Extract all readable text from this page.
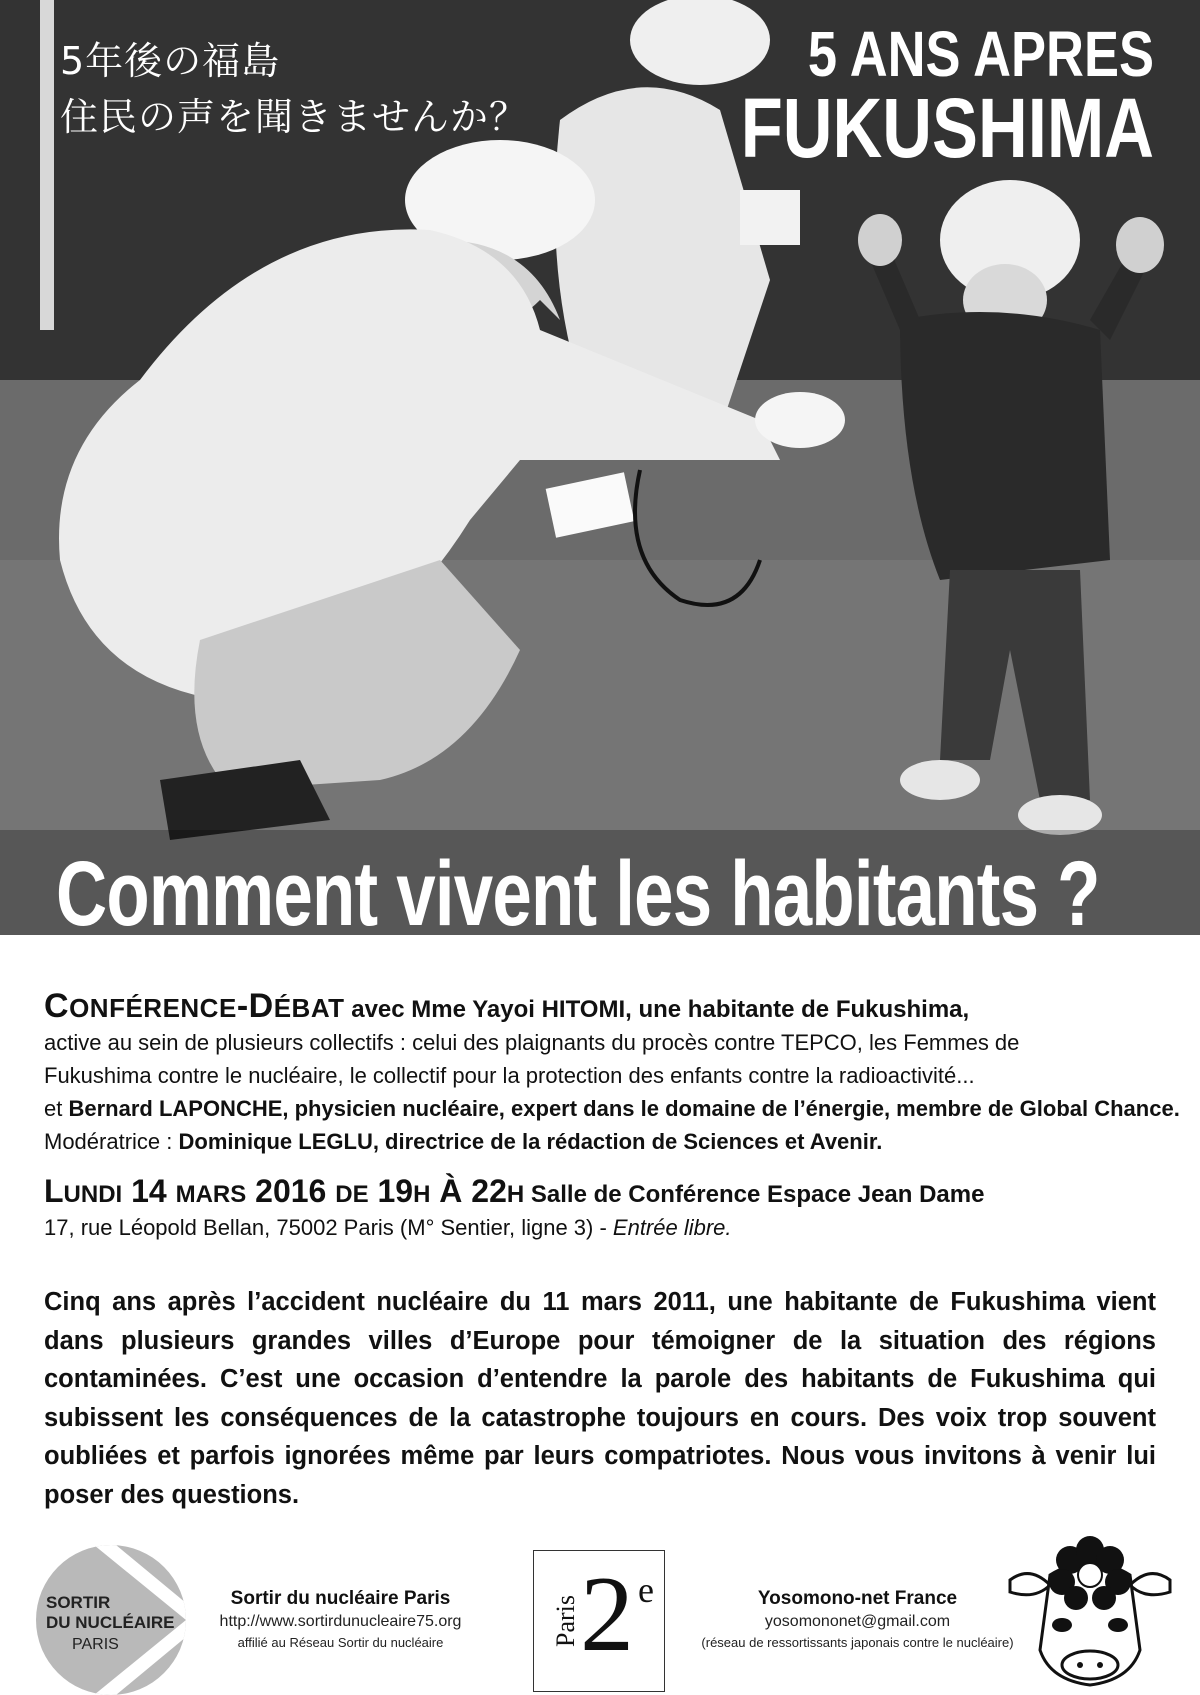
5年後の福島
住民の声を聞きませんか？
5 ANS APRES
FUKUSHIMA
Comment vivent les habitants ?

CONFÉRENCE-DÉBAT avec Mme Yayoi HITOMI, une habitante de Fukushima,

active au sein de plusieurs collectifs : celui des plaignants du procès contre TEPCO, les Femmes de

Fukushima contre le nucléaire, le collectif pour la protection des enfants contre la radioactivité...

et Bernard LAPONCHE, physicien nucléaire, expert dans le domaine de l’énergie, membre de Global Chance.

Modératrice : Dominique LEGLU, directrice de la rédaction de Sciences et Avenir.

LUNDI 14 MARS 2016 DE 19H À 22H Salle de Conférence Espace Jean Dame

17, rue Léopold Bellan, 75002 Paris (M° Sentier, ligne 3) - Entrée libre.

Cinq ans après l’accident nucléaire du 11 mars 2011, une habitante de Fukushima vient dans plusieurs grandes villes d’Europe pour témoigner de la situation des régions contaminées. C’est une occasion d’entendre la parole des habitants de Fukushima qui subissent les conséquences de la catastrophe toujours en cours. Des voix trop souvent oubliées et parfois ignorées même par leurs compatriotes. Nous vous invitons à venir lui poser des questions.
SORTIR
DU NUCLÉAIRE
PARIS
Sortir du nucléaire Paris
http://www.sortirdunucleaire75.org
affilié au Réseau Sortir du nucléaire	Paris 2 e	Yosomono-net France
yosomononet@gmail.com
(réseau de ressortissants japonais contre le nucléaire)
